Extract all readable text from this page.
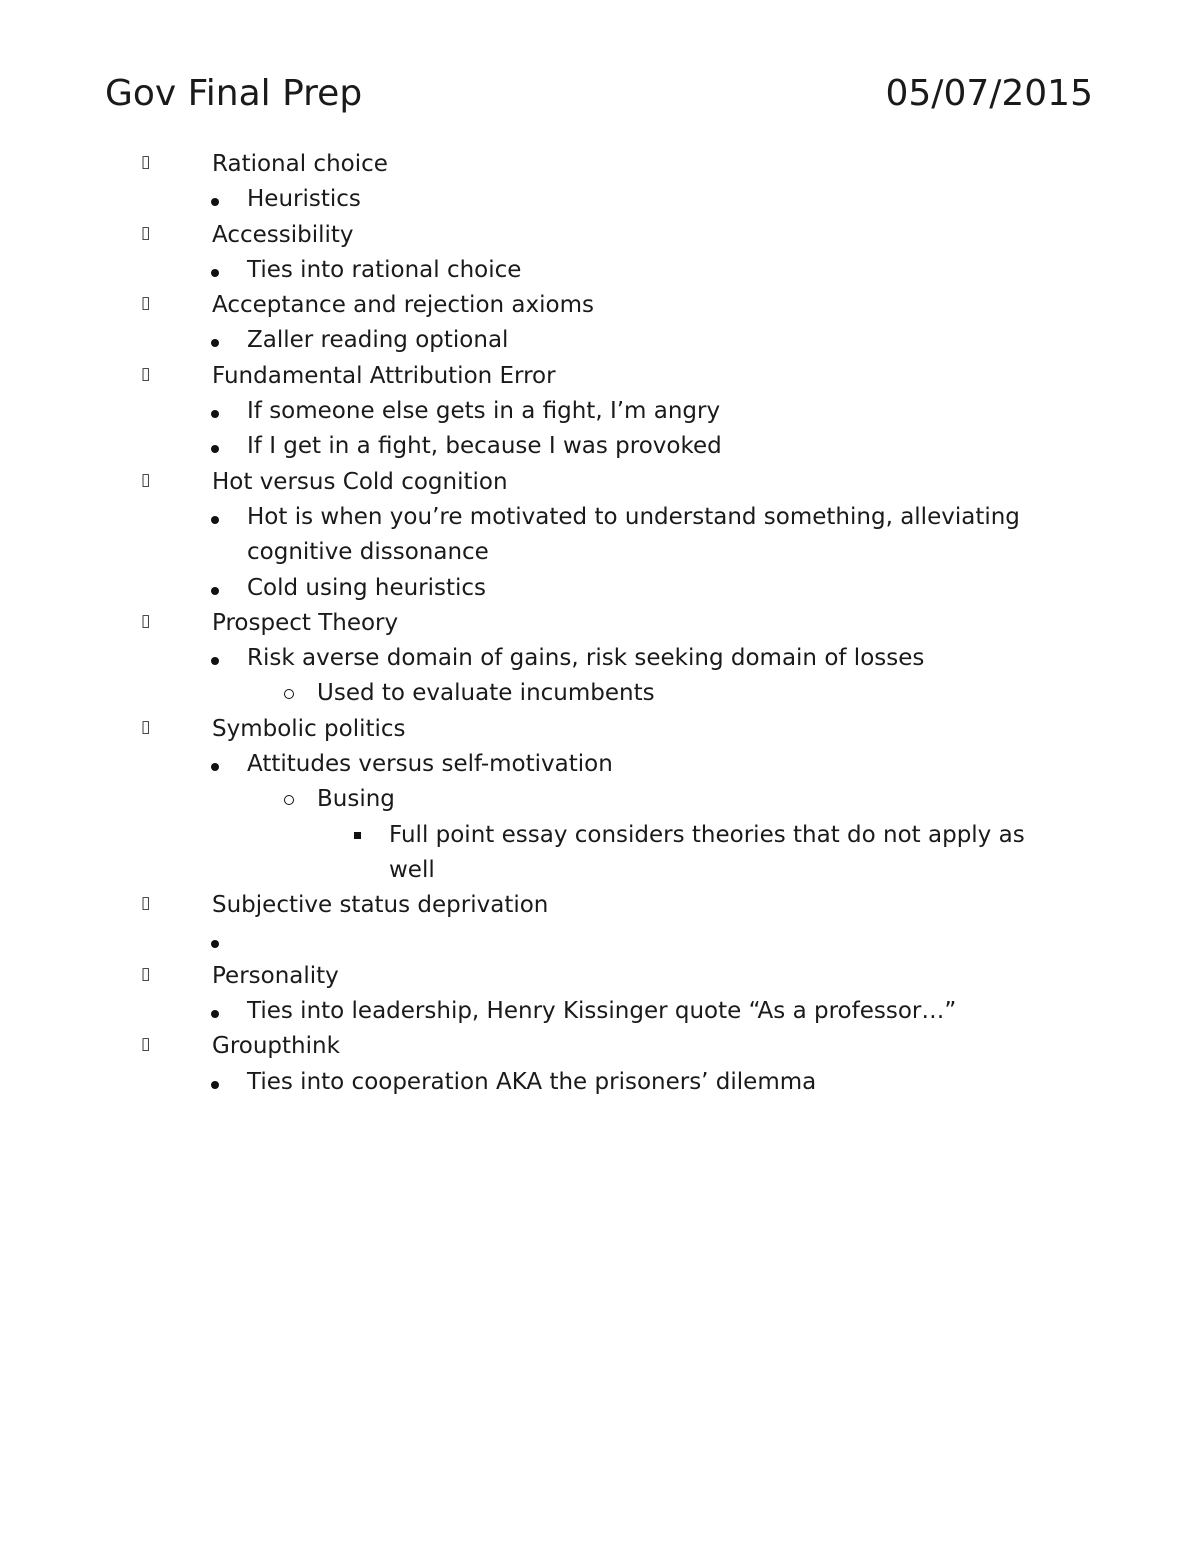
Gov Final Prep	05/07/2015
▯	Rational choice
Heuristics
▯	Accessibility
Ties into rational choice
▯	Acceptance and rejection axioms
Zaller reading optional
▯	Fundamental Attribution Error
If someone else gets in a fight, I’m angry
If I get in a fight, because I was provoked
▯	Hot versus Cold cognition
Hot is when you’re motivated to understand something, alleviating cognitive dissonance
Cold using heuristics
▯	Prospect Theory
Risk averse domain of gains, risk seeking domain of losses
Used to evaluate incumbents
▯	Symbolic politics
Attitudes versus self-motivation
Busing
Full point essay considers theories that do not apply as well
▯	Subjective status deprivation
▯	Personality
Ties into leadership, Henry Kissinger quote “As a professor…”
▯	Groupthink
Ties into cooperation AKA the prisoners’ dilemma
